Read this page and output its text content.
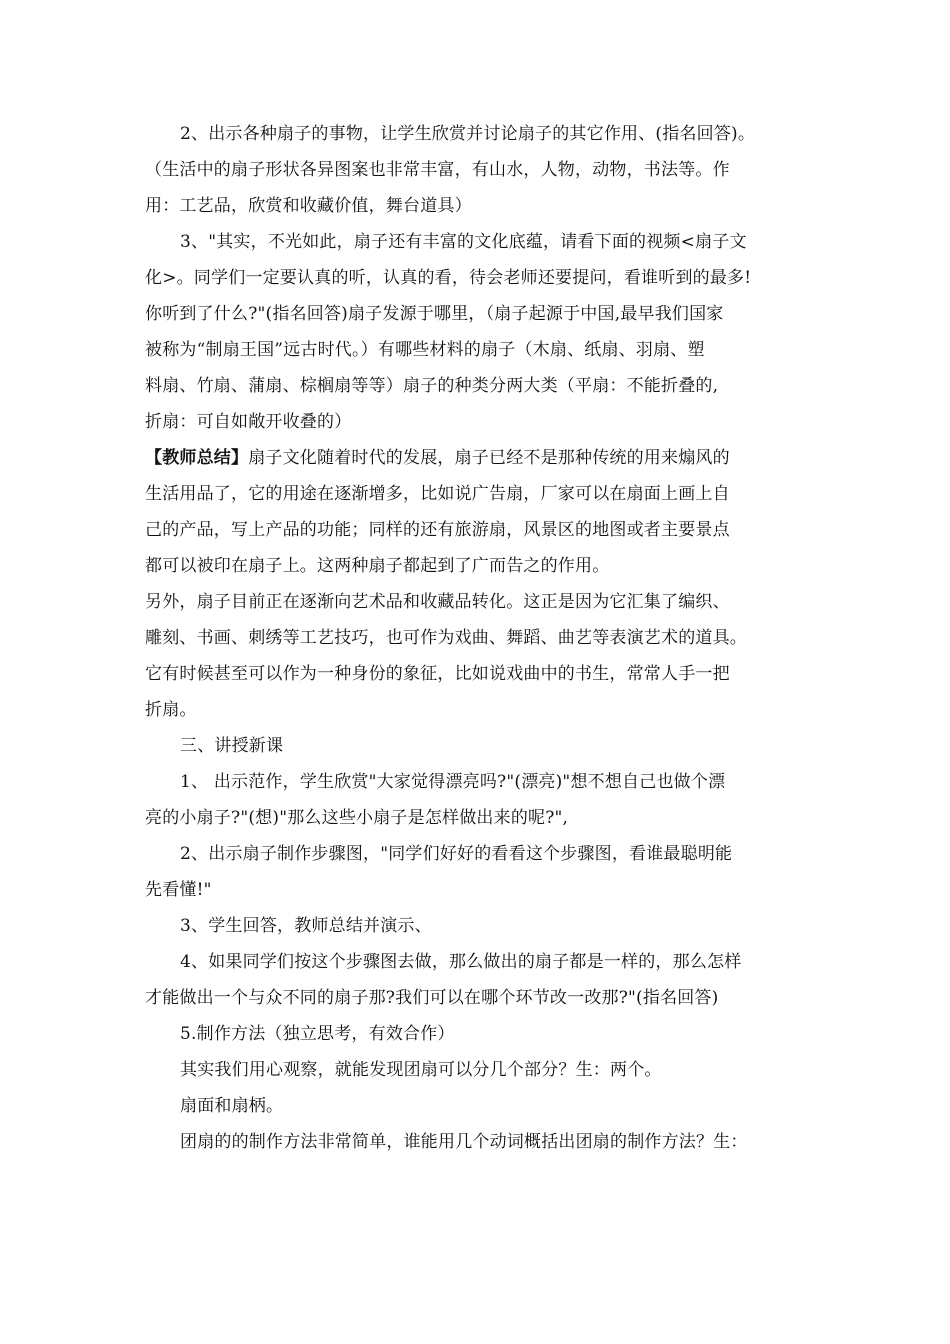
2、出示各种扇子的事物，让学生欣赏并讨论扇子的其它作用、(指名回答)。
（生活中的扇子形状各异图案也非常丰富，有山水，人物，动物，书法等。作
用：工艺品，欣赏和收藏价值，舞台道具）
3、"其实，不光如此，扇子还有丰富的文化底蕴，请看下面的视频<扇子文
化>。同学们一定要认真的听，认真的看，待会老师还要提问，看谁听到的最多!
你听到了什么?"(指名回答)扇子发源于哪里，（扇子起源于中国,最早我们国家
被称为“制扇王国”远古时代。）有哪些材料的扇子（木扇、纸扇、羽扇、塑
料扇、竹扇、蒲扇、棕榈扇等等）扇子的种类分两大类（平扇：不能折叠的,
折扇：可自如敞开收叠的）
【教师总结】扇子文化随着时代的发展，扇子已经不是那种传统的用来煽风的
生活用品了，它的用途在逐渐增多，比如说广告扇，厂家可以在扇面上画上自
己的产品，写上产品的功能；同样的还有旅游扇，风景区的地图或者主要景点
都可以被印在扇子上。这两种扇子都起到了广而告之的作用。
另外，扇子目前正在逐渐向艺术品和收藏品转化。这正是因为它汇集了编织、
雕刻、书画、刺绣等工艺技巧，也可作为戏曲、舞蹈、曲艺等表演艺术的道具。
它有时候甚至可以作为一种身份的象征，比如说戏曲中的书生，常常人手一把
折扇。
三、讲授新课
1、 出示范作，学生欣赏"大家觉得漂亮吗?"(漂亮)"想不想自己也做个漂
亮的小扇子?"(想)"那么这些小扇子是怎样做出来的呢?",
2、出示扇子制作步骤图，"同学们好好的看看这个步骤图，看谁最聪明能
先看懂!"
3、学生回答，教师总结并演示、
4、如果同学们按这个步骤图去做，那么做出的扇子都是一样的，那么怎样
才能做出一个与众不同的扇子那?我们可以在哪个环节改一改那?"(指名回答)
5.制作方法（独立思考，有效合作）
其实我们用心观察，就能发现团扇可以分几个部分？生：两个。
扇面和扇柄。
团扇的的制作方法非常简单，谁能用几个动词概括出团扇的制作方法？生：
